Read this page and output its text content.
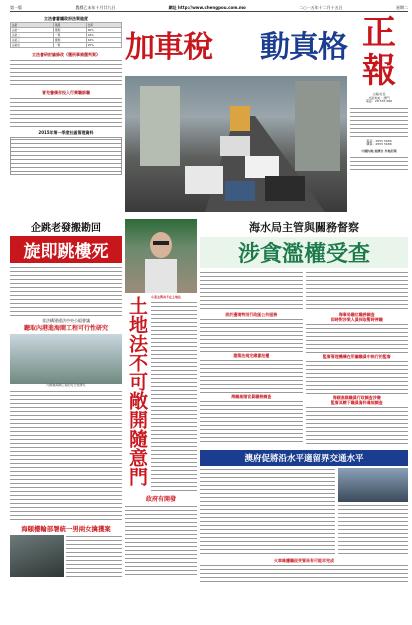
第一版	農曆乙未年十月廿九日	網址 http://www.chengpou.com.mo	二○一五年十二月十五日	星期二
立法會審議政府法案進度
法案	階段	比率
法案一	細則	60%
法案二	一般	44%
法案三	細則	62%
法案四	一般	25%
立法會研討論修改《獲刑事補償判案》
冒充書僑存投入行業職訓職
2015年第一季度社區管理資料
加車稅 動真格 正
報
主編/社長
出版地址：澳門
電話：28 555 686
電話：2855 5686
傳真：2855 5688
中國內地 港澳台 外地訂閱
企跳老發搬勘回
旋即跳樓死
非法構建違法中央小組會議
聽取內港進海閘工程可行性研究
內港進海閘工程的可行性研究
海頤樓輪部署統一男兩女擒獲案
土地法不可敞開隨意門	小業主與共不在土地法
政府有開發
海水局主管與關務督察
涉貪濫權受查
居於邊境特別行政區公共服務
建築法規定總審批權
海關高階官員職務調查
海事局職位職務調查
即時對涉案人員採取暫時停職
監督管理機構在所屬職員中執行的監督
海頤高階職員行政調查涉嫌
監督其轄下職員資料違規調查
澳府促將沿水平適留界交通水平
火車維護職段受管局有可能早完成
